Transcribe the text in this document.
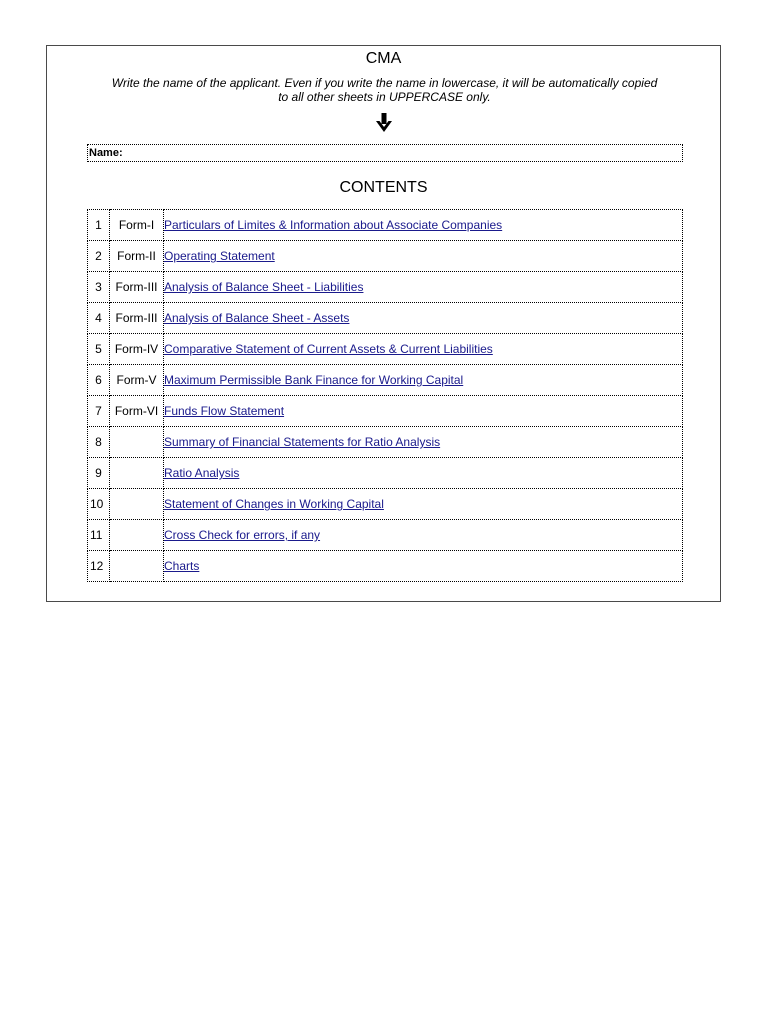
CMA
Write the name of the applicant. Even if you write the name in lowercase, it will be automatically copied to all other sheets in UPPERCASE only.
Name:
CONTENTS
1	Form-I	Particulars of Limites & Information about Associate Companies
2	Form-II	Operating Statement
3	Form-III	Analysis of Balance Sheet - Liabilities
4	Form-III	Analysis of Balance Sheet - Assets
5	Form-IV	Comparative Statement of Current Assets & Current Liabilities
6	Form-V	Maximum Permissible Bank Finance for Working Capital
7	Form-VI	Funds Flow Statement
8		Summary of Financial Statements for Ratio Analysis
9		Ratio Analysis
10		Statement of Changes in Working Capital
11		Cross Check for errors, if any
12		Charts
